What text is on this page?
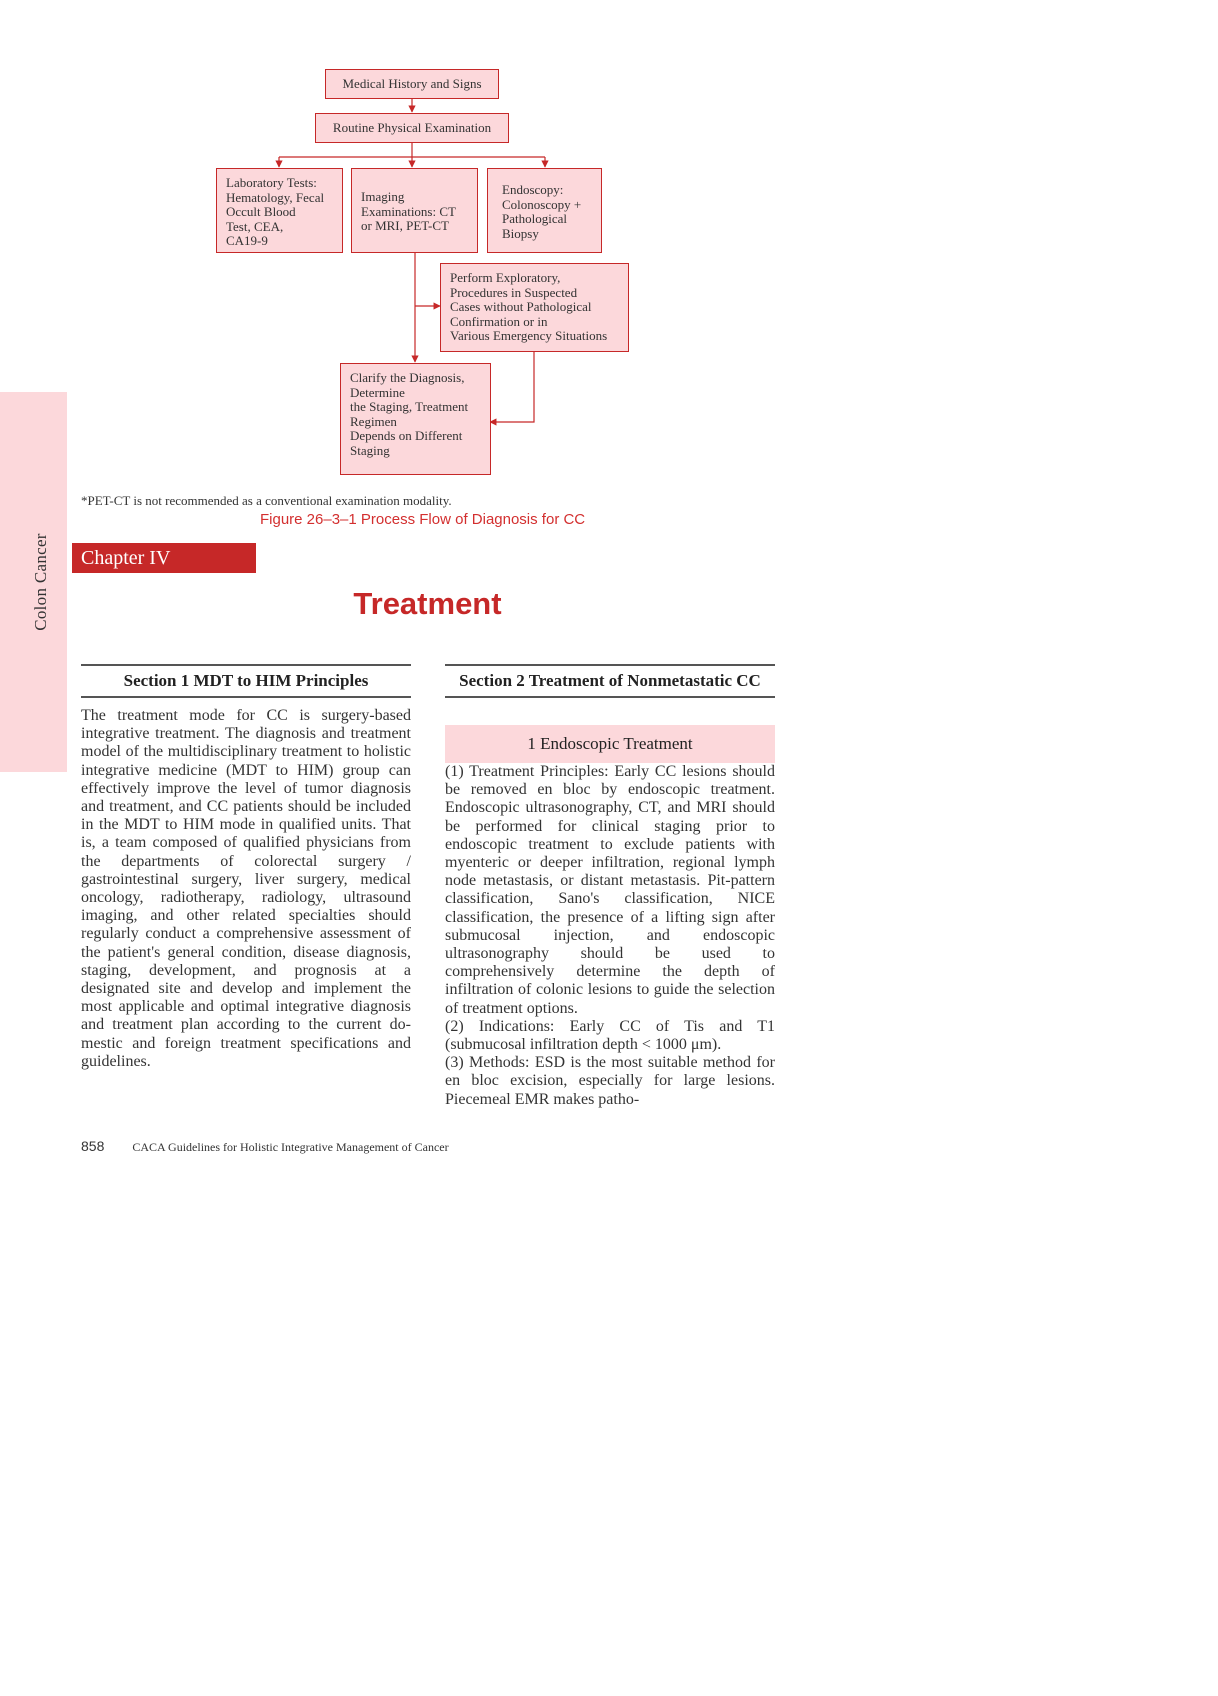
Colon Cancer
Medical History and Signs
Routine Physical Examination
Laboratory Tests:
Hematology, Fecal
Occult Blood
Test, CEA,
CA19-9
Imaging
Examinations: CT
or MRI, PET-CT
Endoscopy:
Colonoscopy +
Pathological
Biopsy
Perform Exploratory,
Procedures in Suspected
Cases without Pathological
Confirmation or in
Various Emergency Situations
Clarify the Diagnosis,
Determine
the Staging, Treatment
Regimen
Depends on Different
Staging
*PET-CT is not recommended as a conventional examination modality.
Figure 26–3–1 Process Flow of Diagnosis for CC
Chapter IV
Treatment
Section 1 MDT to HIM Principles
The treatment mode for CC is surgery-based integrative treatment. The diagnosis and treatment model of the multidisciplinary treatment to holistic integrative medicine (MDT to HIM) group can effectively improve the level of tumor diagnosis and treatment, and CC patients should be included in the MDT to HIM mode in qualified units. That is, a team composed of qualified physicians from the departments of colorectal surgery / gastrointestinal surgery, liver surgery, medical oncology, radiotherapy, radiology, ultrasound imaging, and other related specialties should regularly conduct a comprehensive assessment of the patient's general condition, disease diagnosis, staging, development, and prognosis at a designated site and develop and implement the most applicable and optimal integrative diagnosis and treatment plan according to the current domestic and foreign treatment specifications and guidelines.
Section 2 Treatment of Nonmetastatic CC
1 Endoscopic Treatment
(1) Treatment Principles: Early CC lesions should be removed en bloc by endoscopic treatment. Endoscopic ultrasonography, CT, and MRI should be performed for clinical staging prior to endoscopic treatment to exclude patients with myenteric or deeper infiltration, regional lymph node metastasis, or distant metastasis. Pit-pattern classification, Sano's classification, NICE classification, the presence of a lifting sign after submucosal injection, and endoscopic ultrasonography should be used to comprehensively determine the depth of infiltration of colonic lesions to guide the selection of treatment options.
(2) Indications: Early CC of Tis and T1 (submucosal infiltration depth < 1000 μm).
(3) Methods: ESD is the most suitable method for en bloc excision, especially for large lesions. Piecemeal EMR makes patho-
858 CACA Guidelines for Holistic Integrative Management of Cancer
